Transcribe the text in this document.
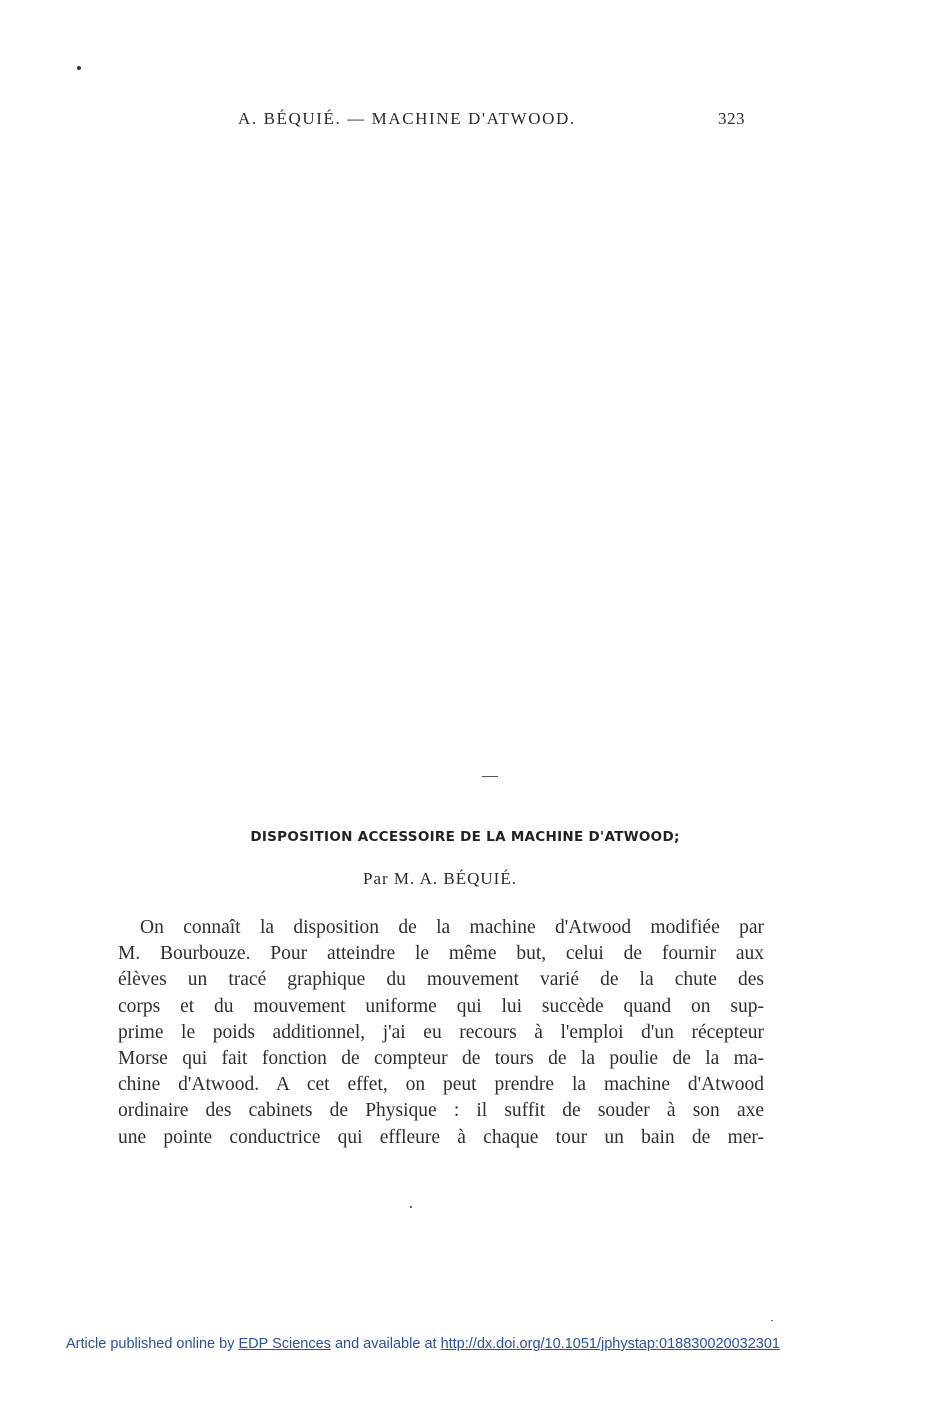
A. BÉQUIÉ. — MACHINE D'ATWOOD.	323
DISPOSITION ACCESSOIRE DE LA MACHINE D'ATWOOD;
Par M. A. BÉQUIÉ.
On connaît la disposition de la machine d'Atwood modifiée par
M. Bourbouze. Pour atteindre le même but, celui de fournir aux
élèves un tracé graphique du mouvement varié de la chute des
corps et du mouvement uniforme qui lui succède quand on sup-
prime le poids additionnel, j'ai eu recours à l'emploi d'un récepteur
Morse qui fait fonction de compteur de tours de la poulie de la ma-
chine d'Atwood. A cet effet, on peut prendre la machine d'Atwood
ordinaire des cabinets de Physique : il suffit de souder à son axe
une pointe conductrice qui effleure à chaque tour un bain de mer-
Article published online by EDP Sciences and available at http://dx.doi.org/10.1051/jphystap:018830020032301
